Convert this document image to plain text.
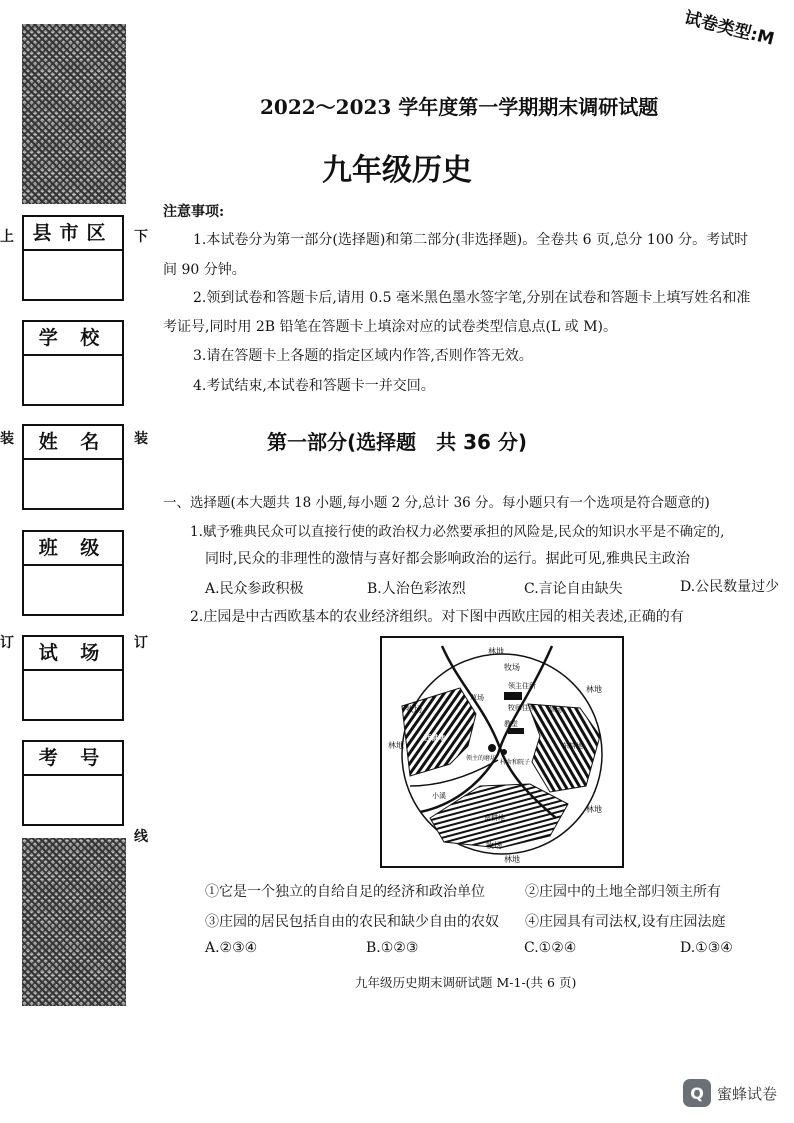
试卷类型:M
县市区
学 校
姓 名
班 级
试 场
考 号
上
装
订
下
装
订
线
2022～2023 学年度第一学期期末调研试题
九年级历史
注意事项:
1.本试卷分为第一部分(选择题)和第二部分(非选择题)。全卷共 6 页,总分 100 分。考试时
间 90 分钟。
2.领到试卷和答题卡后,请用 0.5 毫米黑色墨水签字笔,分别在试卷和答题卡上填写姓名和准
考证号,同时用 2B 铅笔在答题卡上填涂对应的试卷类型信息点(L 或 M)。
3.请在答题卡上各题的指定区域内作答,否则作答无效。
4.考试结束,本试卷和答题卡一并交回。
第一部分(选择题　共 36 分)
一、选择题(本大题共 18 小题,每小题 2 分,总计 36 分。每小题只有一个选项是符合题意的)
1.赋予雅典民众可以直接行使的政治权力必然要承担的风险是,民众的知识水平是不确定的,
同时,民众的非理性的激情与喜好都会影响政治的运行。据此可见,雅典民主政治
A.民众参政积极	B.人治色彩浓烈	C.言论自由缺失	D.公民数量过少
2.庄园是中古西欧基本的农业经济组织。对下图中西欧庄园的相关表述,正确的有
林地
林地
林地
林地
林地
牧场
牧场
牧场
草场
草场
领主住所
牧师住所
教堂
西耕地
东耕地
南耕地
小溪
领主的磨坊
村舍和院子
①它是一个独立的自给自足的经济和政治单位	②庄园中的土地全部归领主所有
③庄园的居民包括自由的农民和缺少自由的农奴 ④庄园具有司法权,设有庄园法庭
A.②③④	B.①②③	C.①②④	D.①③④
九年级历史期末调研试题 M-1-(共 6 页)
Q 蜜蜂试卷
